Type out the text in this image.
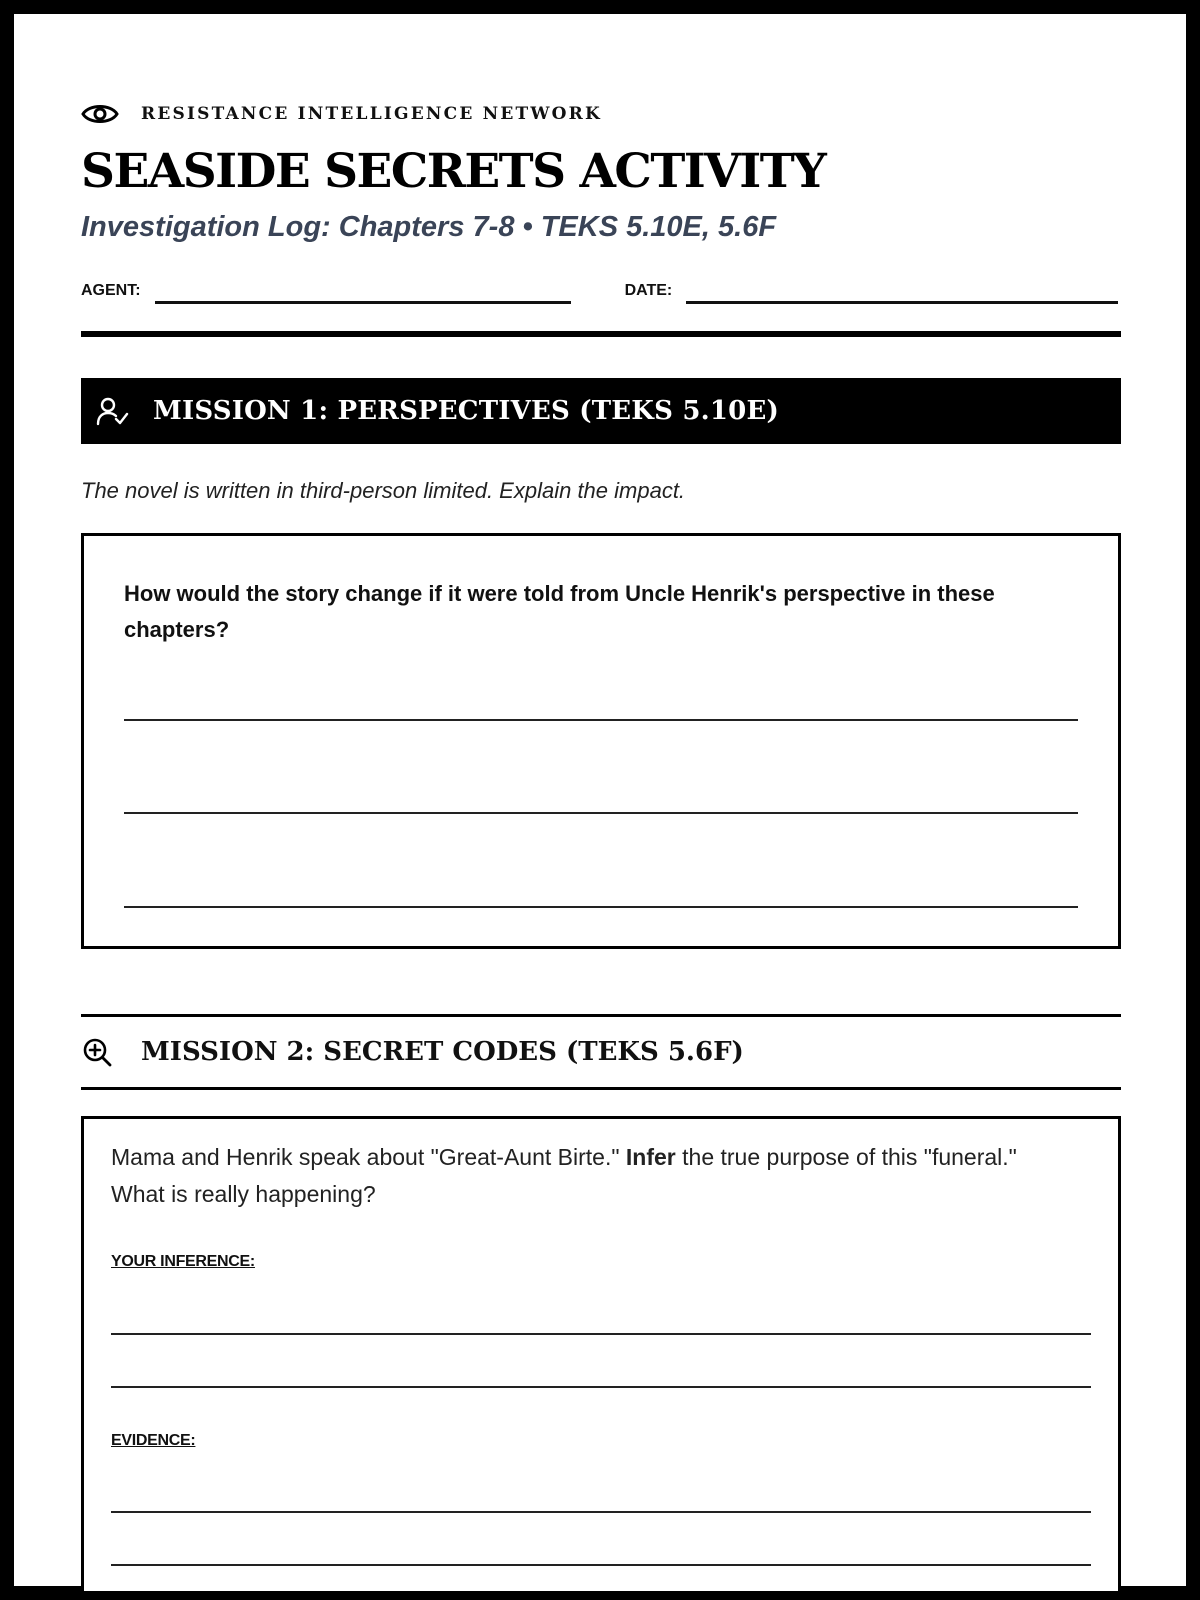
RESISTANCE INTELLIGENCE NETWORK
SEASIDE SECRETS ACTIVITY

Investigation Log: Chapters 7-8 • TEKS 5.10E, 5.6F

AGENT:	DATE:
MISSION 1: PERSPECTIVES (TEKS 5.10E)

The novel is written in third-person limited. Explain the impact.

How would the story change if it were told from Uncle Henrik's perspective in these chapters?

MISSION 2: SECRET CODES (TEKS 5.6F)

Mama and Henrik speak about "Great-Aunt Birte." Infer the true purpose of this "funeral." What is really happening?

YOUR INFERENCE:

EVIDENCE:
